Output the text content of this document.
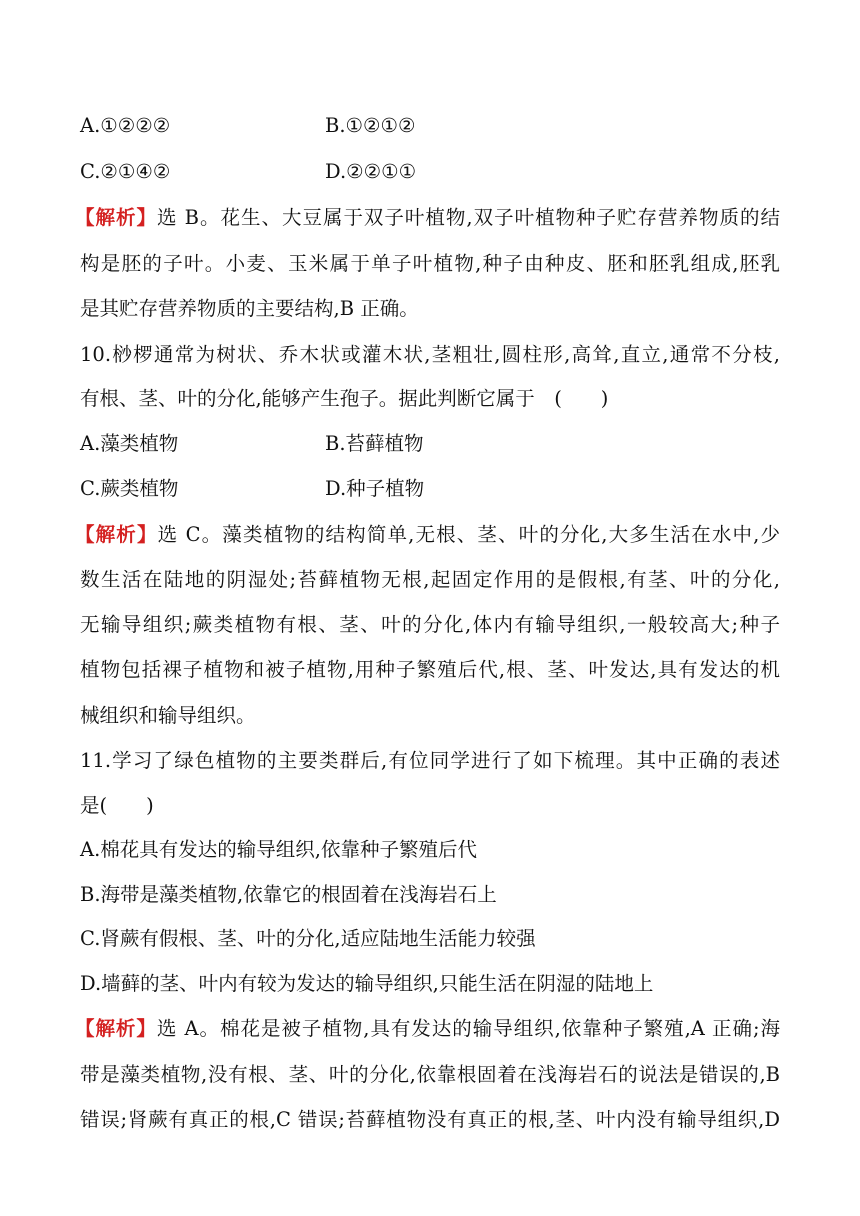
A.①②②②	B.①②①②
C.②①④②	D.②②①①
【解析】选 B。花生、大豆属于双子叶植物,双子叶植物种子贮存营养物质的结
构是胚的子叶。小麦、玉米属于单子叶植物,种子由种皮、胚和胚乳组成,胚乳
是其贮存营养物质的主要结构,B 正确。
10.桫椤通常为树状、乔木状或灌木状,茎粗壮,圆柱形,高耸,直立,通常不分枝,
有根、茎、叶的分化,能够产生孢子。据此判断它属于　(　　)
A.藻类植物	B.苔藓植物
C.蕨类植物	D.种子植物
【解析】选 C。藻类植物的结构简单,无根、茎、叶的分化,大多生活在水中,少
数生活在陆地的阴湿处;苔藓植物无根,起固定作用的是假根,有茎、叶的分化,
无输导组织;蕨类植物有根、茎、叶的分化,体内有输导组织,一般较高大;种子
植物包括裸子植物和被子植物,用种子繁殖后代,根、茎、叶发达,具有发达的机
械组织和输导组织。
11.学习了绿色植物的主要类群后,有位同学进行了如下梳理。其中正确的表述
是(　　)
A.棉花具有发达的输导组织,依靠种子繁殖后代
B.海带是藻类植物,依靠它的根固着在浅海岩石上
C.肾蕨有假根、茎、叶的分化,适应陆地生活能力较强
D.墙藓的茎、叶内有较为发达的输导组织,只能生活在阴湿的陆地上
【解析】选 A。棉花是被子植物,具有发达的输导组织,依靠种子繁殖,A 正确;海
带是藻类植物,没有根、茎、叶的分化,依靠根固着在浅海岩石的说法是错误的,B
错误;肾蕨有真正的根,C 错误;苔藓植物没有真正的根,茎、叶内没有输导组织,D
